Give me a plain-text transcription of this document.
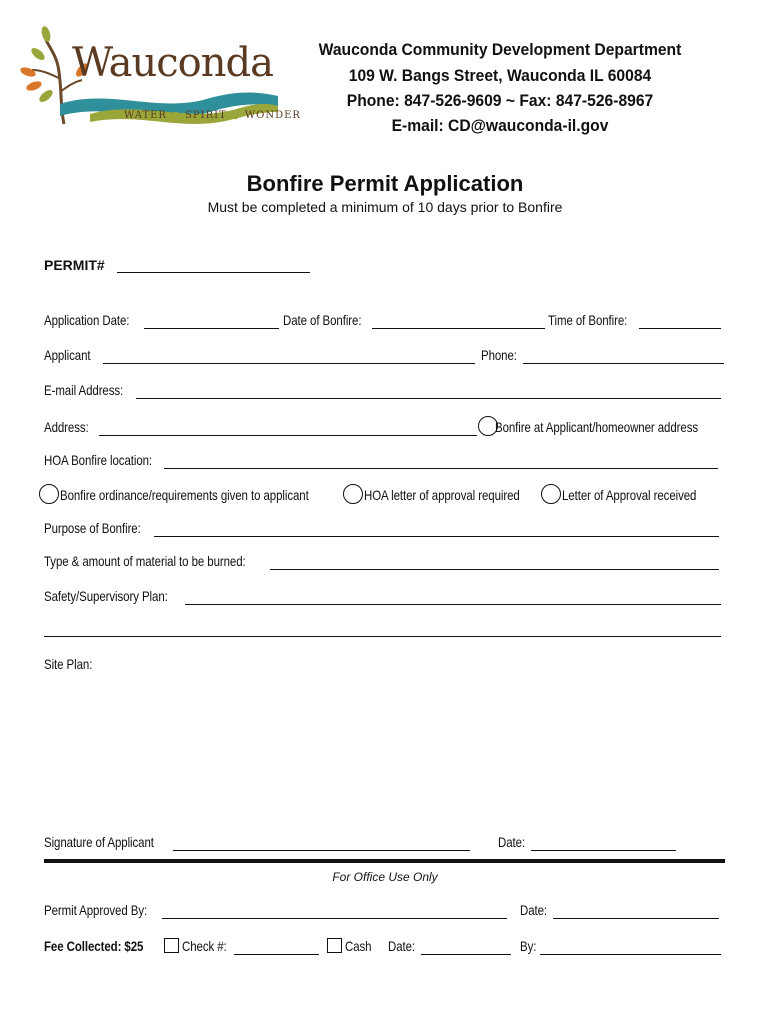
Wauconda
WATER ● SPIRIT ● WONDER
Wauconda Community Development Department
109 W. Bangs Street, Wauconda IL 60084
Phone: 847-526-9609 ~ Fax: 847-526-8967
E-mail: CD@wauconda-il.gov
Bonfire Permit Application
Must be completed a minimum of 10 days prior to Bonfire
PERMIT#
Application Date:	Date of Bonfire:	Time of Bonfire:
Applicant	Phone:
E-mail Address:
Address:	Bonfire at Applicant/homeowner address
HOA Bonfire location:
Bonfire ordinance/requirements given to applicant	HOA letter of approval required	Letter of Approval received
Purpose of Bonfire:
Type & amount of material to be burned:
Safety/Supervisory Plan:
Site Plan:
Signature of Applicant	Date:
For Office Use Only
Permit Approved By:	Date:
Fee Collected: $25	Check #:	Cash Date:	By:
